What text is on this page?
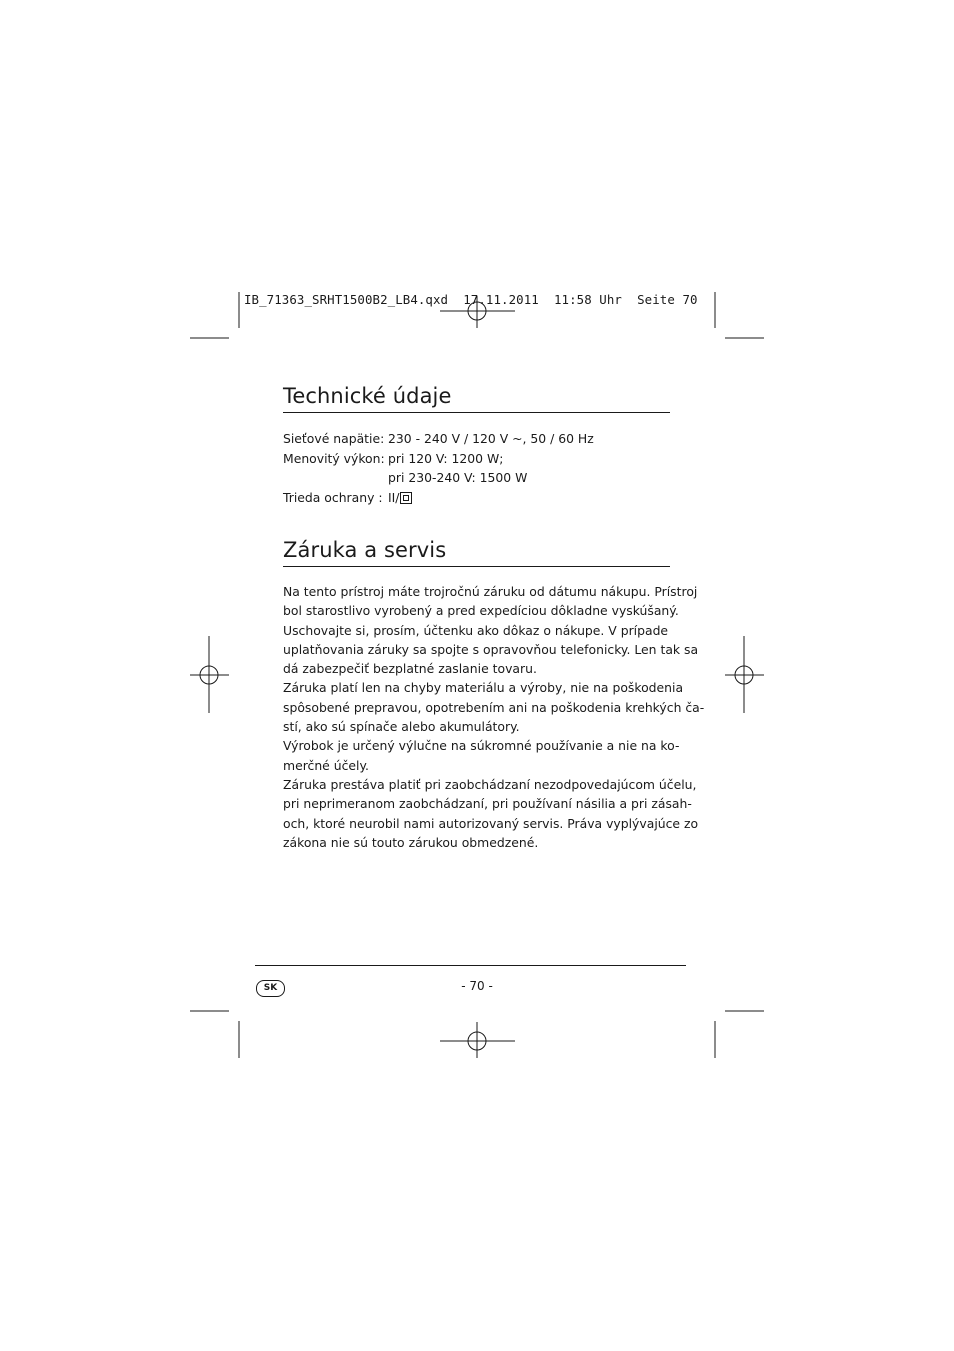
IB_71363_SRHT1500B2_LB4.qxd  17.11.2011  11:58 Uhr  Seite 70
Technické údaje
Sieťové napätie: 230 - 240 V / 120 V ~, 50 / 60 Hz
Menovitý výkon: pri 120 V: 1200 W;
pri 230-240 V: 1500 W
Trieda ochrany : II/
Záruka a servis
Na tento prístroj máte trojročnú záruku od dátumu nákupu. Prístroj
bol starostlivo vyrobený a pred expedíciou dôkladne vyskúšaný.
Uschovajte si, prosím, účtenku ako dôkaz o nákupe. V prípade
uplatňovania záruky sa spojte s opravovňou telefonicky. Len tak sa
dá zabezpečiť bezplatné zaslanie tovaru.
Záruka platí len na chyby materiálu a výroby, nie na poškodenia
spôsobené prepravou, opotrebením ani na poškodenia krehkých ča-
stí, ako sú spínače alebo akumulátory.
Výrobok je určený výlučne na súkromné používanie a nie na ko-
merčné účely.
Záruka prestáva platiť pri zaobchádzaní nezodpovedajúcom účelu,
pri neprimeranom zaobchádzaní, pri používaní násilia a pri zásah-
och, ktoré neurobil nami autorizovaný servis. Práva vyplývajúce zo
zákona nie sú touto zárukou obmedzené.
SK	- 70 -
